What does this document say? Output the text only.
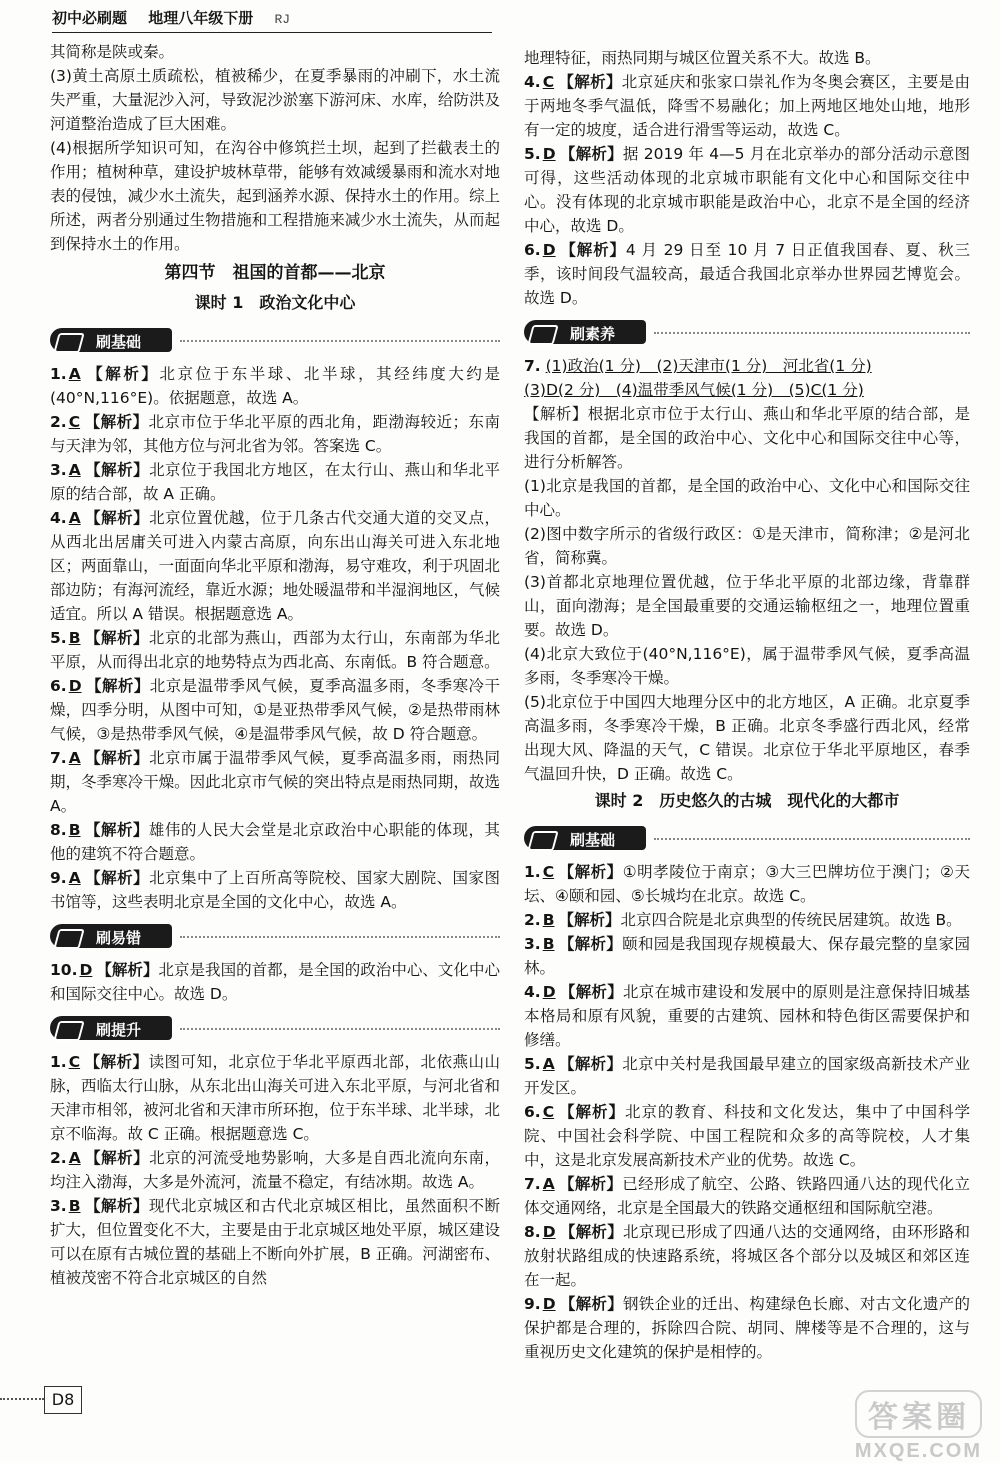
初中必刷题 地理八年级下册 RJ

其简称是陕或秦。

(3)黄土高原土质疏松，植被稀少，在夏季暴雨的冲刷下，水土流失严重，大量泥沙入河，导致泥沙淤塞下游河床、水库，给防洪及河道整治造成了巨大困难。

(4)根据所学知识可知，在沟谷中修筑拦土坝，起到了拦截表土的作用；植树种草，建设护坡林草带，能够有效减缓暴雨和流水对地表的侵蚀，减少水土流失，起到涵养水源、保持水土的作用。综上所述，两者分别通过生物措施和工程措施来减少水土流失，从而起到保持水土的作用。

第四节　祖国的首都——北京
课时 1　政治文化中心
刷基础

1. A 【解析】北京位于东半球、北半球，其经纬度大约是(40°N,116°E)。依据题意，故选 A。

2. C 【解析】北京市位于华北平原的西北角，距渤海较近；东南与天津为邻，其他方位与河北省为邻。答案选 C。

3. A 【解析】北京位于我国北方地区，在太行山、燕山和华北平原的结合部，故 A 正确。

4. A 【解析】北京位置优越，位于几条古代交通大道的交叉点，从西北出居庸关可进入内蒙古高原，向东出山海关可进入东北地区；两面靠山，一面面向华北平原和渤海，易守难攻，利于巩固北部边防；有海河流经，靠近水源；地处暖温带和半湿润地区，气候适宜。所以 A 错误。根据题意选 A。

5. B 【解析】北京的北部为燕山，西部为太行山，东南部为华北平原，从而得出北京的地势特点为西北高、东南低。B 符合题意。

6. D 【解析】北京是温带季风气候，夏季高温多雨，冬季寒冷干燥，四季分明，从图中可知，①是亚热带季风气候，②是热带雨林气候，③是热带季风气候，④是温带季风气候，故 D 符合题意。

7. A 【解析】北京市属于温带季风气候，夏季高温多雨，雨热同期，冬季寒冷干燥。因此北京市气候的突出特点是雨热同期，故选 A。

8. B 【解析】雄伟的人民大会堂是北京政治中心职能的体现，其他的建筑不符合题意。

9. A 【解析】北京集中了上百所高等院校、国家大剧院、国家图书馆等，这些表明北京是全国的文化中心，故选 A。

刷易错

10. D 【解析】北京是我国的首都，是全国的政治中心、文化中心和国际交往中心。故选 D。

刷提升

1. C 【解析】读图可知，北京位于华北平原西北部，北依燕山山脉，西临太行山脉，从东北出山海关可进入东北平原，与河北省和天津市相邻，被河北省和天津市所环抱，位于东半球、北半球，北京不临海。故 C 正确。根据题意选 C。

2. A 【解析】北京的河流受地势影响，大多是自西北流向东南，均注入渤海，大多是外流河，流量不稳定，有结冰期。故选 A。

3. B 【解析】现代北京城区和古代北京城区相比，虽然面积不断扩大，但位置变化不大，主要是由于北京城区地处平原，城区建设可以在原有古城位置的基础上不断向外扩展，B 正确。河湖密布、植被茂密不符合北京城区的自然

地理特征，雨热同期与城区位置关系不大。故选 B。

4. C 【解析】北京延庆和张家口崇礼作为冬奥会赛区，主要是由于两地冬季气温低，降雪不易融化；加上两地区地处山地，地形有一定的坡度，适合进行滑雪等运动，故选 C。

5. D 【解析】据 2019 年 4—5 月在北京举办的部分活动示意图可得，这些活动体现的北京城市职能有文化中心和国际交往中心。没有体现的北京城市职能是政治中心，北京不是全国的经济中心，故选 D。

6. D 【解析】4 月 29 日至 10 月 7 日正值我国春、夏、秋三季，该时间段气温较高，最适合我国北京举办世界园艺博览会。故选 D。

刷素养

7. (1)政治(1 分)　(2)天津市(1 分)　河北省(1 分)

(3)D(2 分)　(4)温带季风气候(1 分)　(5)C(1 分)

【解析】根据北京市位于太行山、燕山和华北平原的结合部，是我国的首都，是全国的政治中心、文化中心和国际交往中心等，进行分析解答。

(1)北京是我国的首都，是全国的政治中心、文化中心和国际交往中心。

(2)图中数字所示的省级行政区：①是天津市，简称津；②是河北省，简称冀。

(3)首都北京地理位置优越，位于华北平原的北部边缘，背靠群山，面向渤海；是全国最重要的交通运输枢纽之一，地理位置重要。故选 D。

(4)北京大致位于(40°N,116°E)，属于温带季风气候，夏季高温多雨，冬季寒冷干燥。

(5)北京位于中国四大地理分区中的北方地区，A 正确。北京夏季高温多雨，冬季寒冷干燥，B 正确。北京冬季盛行西北风，经常出现大风、降温的天气，C 错误。北京位于华北平原地区，春季气温回升快，D 正确。故选 C。

课时 2　历史悠久的古城　现代化的大都市
刷基础

1. C 【解析】①明孝陵位于南京；③大三巴牌坊位于澳门；②天坛、④颐和园、⑤长城均在北京。故选 C。

2. B 【解析】北京四合院是北京典型的传统民居建筑。故选 B。

3. B 【解析】颐和园是我国现存规模最大、保存最完整的皇家园林。

4. D 【解析】北京在城市建设和发展中的原则是注意保持旧城基本格局和原有风貌，重要的古建筑、园林和特色街区需要保护和修缮。

5. A 【解析】北京中关村是我国最早建立的国家级高新技术产业开发区。

6. C 【解析】北京的教育、科技和文化发达，集中了中国科学院、中国社会科学院、中国工程院和众多的高等院校，人才集中，这是北京发展高新技术产业的优势。故选 C。

7. A 【解析】已经形成了航空、公路、铁路四通八达的现代化立体交通网络，北京是全国最大的铁路交通枢纽和国际航空港。

8. D 【解析】北京现已形成了四通八达的交通网络，由环形路和放射状路组成的快速路系统，将城区各个部分以及城区和郊区连在一起。

9. D 【解析】钢铁企业的迁出、构建绿色长廊、对古文化遗产的保护都是合理的，拆除四合院、胡同、牌楼等是不合理的，这与重视历史文化建筑的保护是相悖的。

D8
答案圈
MXQE.COM
